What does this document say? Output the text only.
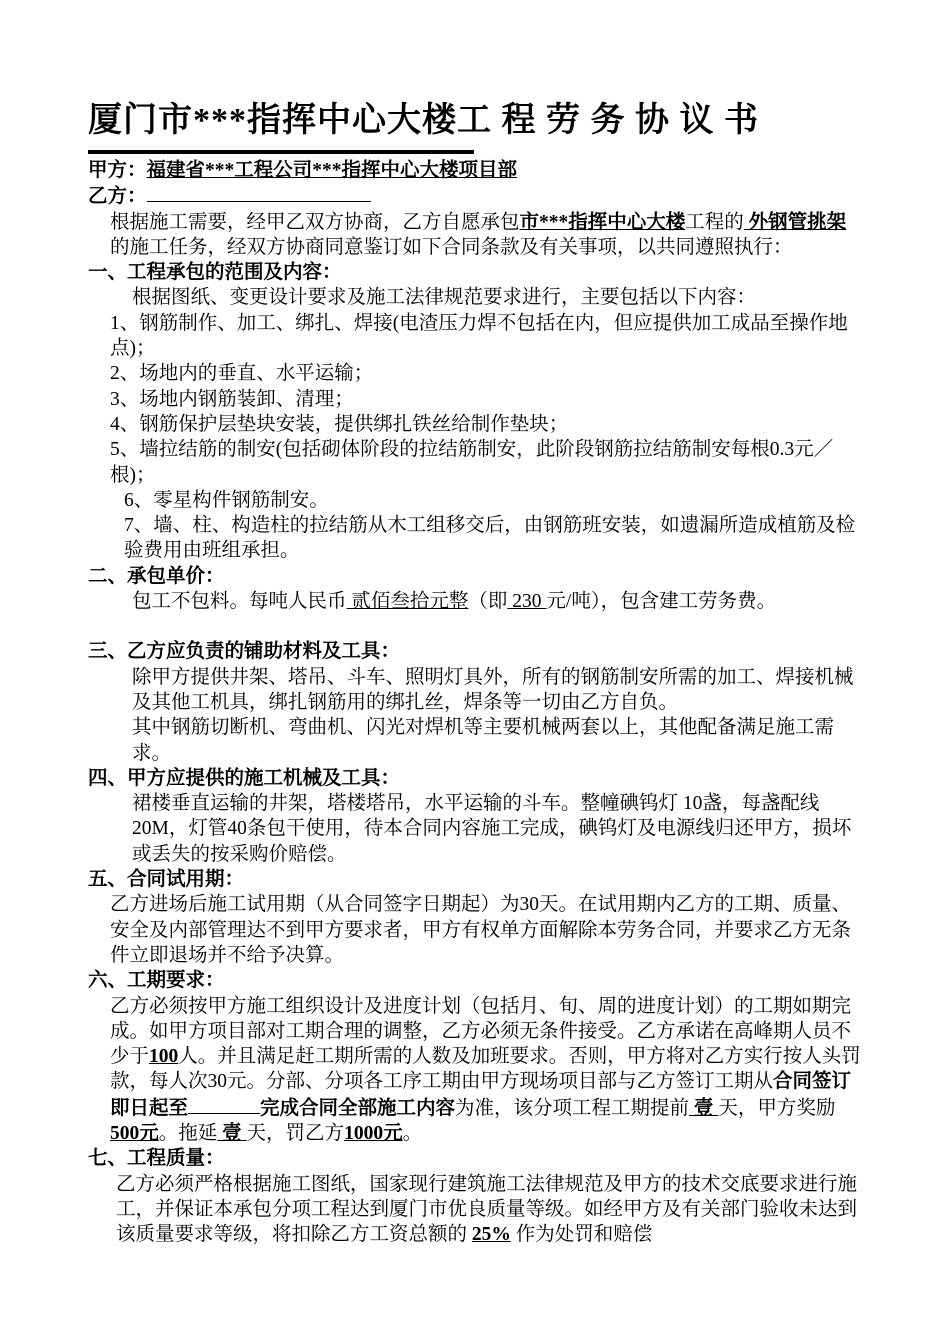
厦门市***指挥中心大楼工 程 劳 务 协 议 书

甲方：福建省***工程公司***指挥中心大楼项目部

乙方：

根据施工需要，经甲乙双方协商，乙方自愿承包市***指挥中心大楼工程的 外钢管挑架 的施工任务，经双方协商同意鉴订如下合同条款及有关事项，以共同遵照执行：

一、工程承包的范围及内容：

根据图纸、变更设计要求及施工法律规范要求进行，主要包括以下内容：

1、钢筋制作、加工、绑扎、焊接(电渣压力焊不包括在内，但应提供加工成品至操作地点)；

2、场地内的垂直、水平运输；

3、场地内钢筋装卸、清理；

4、钢筋保护层垫块安装，提供绑扎铁丝给制作垫块；

5、墙拉结筋的制安(包括砌体阶段的拉结筋制安，此阶段钢筋拉结筋制安每根0.3元／根)；

6、零星构件钢筋制安。

7、墙、柱、构造柱的拉结筋从木工组移交后，由钢筋班安装，如遗漏所造成植筋及检验费用由班组承担。

二、承包单价：

包工不包料。每吨人民币 贰佰叁拾元整（即 230 元/吨），包含建工劳务费。

三、乙方应负责的铺助材料及工具：

除甲方提供井架、塔吊、斗车、照明灯具外，所有的钢筋制安所需的加工、焊接机械及其他工机具，绑扎钢筋用的绑扎丝，焊条等一切由乙方自负。

其中钢筋切断机、弯曲机、闪光对焊机等主要机械两套以上，其他配备满足施工需求。

四、甲方应提供的施工机械及工具：

裙楼垂直运输的井架，塔楼塔吊，水平运输的斗车。整幢碘钨灯 10盏，每盏配线20M，灯管40条包干使用，待本合同内容施工完成，碘钨灯及电源线归还甲方，损坏或丢失的按采购价赔偿。

五、合同试用期：

乙方进场后施工试用期（从合同签字日期起）为30天。在试用期内乙方的工期、质量、安全及内部管理达不到甲方要求者，甲方有权单方面解除本劳务合同，并要求乙方无条件立即退场并不给予决算。

六、工期要求：

乙方必须按甲方施工组织设计及进度计划（包括月、旬、周的进度计划）的工期如期完成。如甲方项目部对工期合理的调整，乙方必须无条件接受。乙方承诺在高峰期人员不少于100人。并且满足赶工期所需的人数及加班要求。否则，甲方将对乙方实行按人头罚款，每人次30元。分部、分项各工序工期由甲方现场项目部与乙方签订工期从合同签订即日起至	完成合同全部施工内容为准，该分项工程工期提前 壹 天，甲方奖励500元。拖延 壹 天，罚乙方1000元。

七、工程质量：

乙方必须严格根据施工图纸，国家现行建筑施工法律规范及甲方的技术交底要求进行施工，并保证本承包分项工程达到厦门市优良质量等级。如经甲方及有关部门验收未达到该质量要求等级，将扣除乙方工资总额的 25% 作为处罚和赔偿
